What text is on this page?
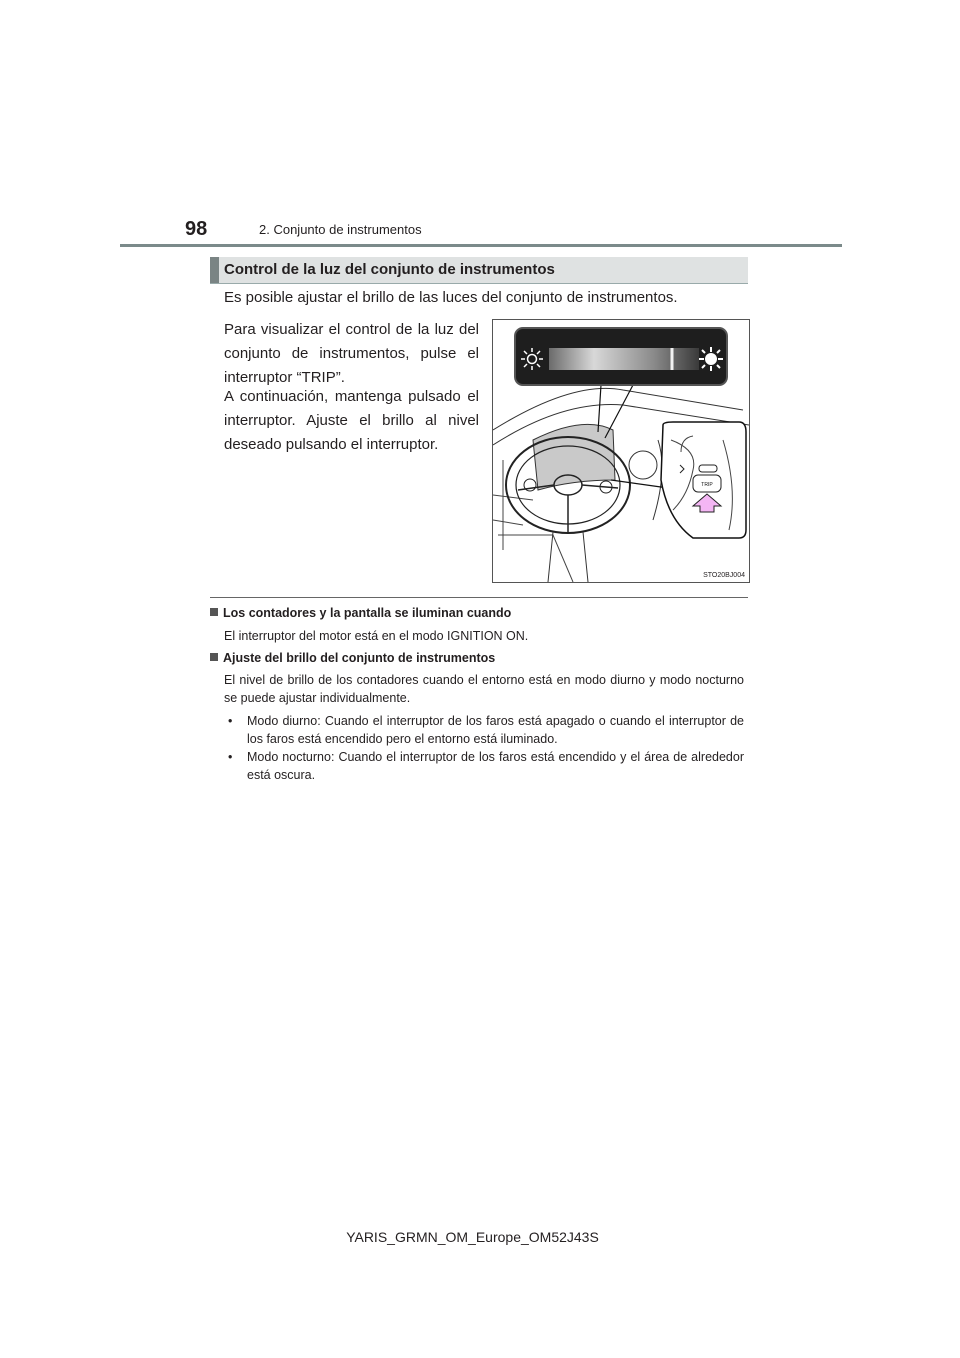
98	2. Conjunto de instrumentos
Control de la luz del conjunto de instrumentos
Es posible ajustar el brillo de las luces del conjunto de instrumentos.
Para visualizar el control de la luz del conjunto de instrumentos, pulse el interruptor “TRIP”.
A continuación, mantenga pulsado el interruptor. Ajuste el brillo al nivel deseado pulsando el interruptor.
TRIP
STO20BJ004
Los contadores y la pantalla se iluminan cuando
El interruptor del motor está en el modo IGNITION ON.
Ajuste del brillo del conjunto de instrumentos
El nivel de brillo de los contadores cuando el entorno está en modo diurno y modo nocturno se puede ajustar individualmente.
• Modo diurno: Cuando el interruptor de los faros está apagado o cuando el interruptor de los faros está encendido pero el entorno está iluminado.
• Modo nocturno: Cuando el interruptor de los faros está encendido y el área de alrededor está oscura.
YARIS_GRMN_OM_Europe_OM52J43S
